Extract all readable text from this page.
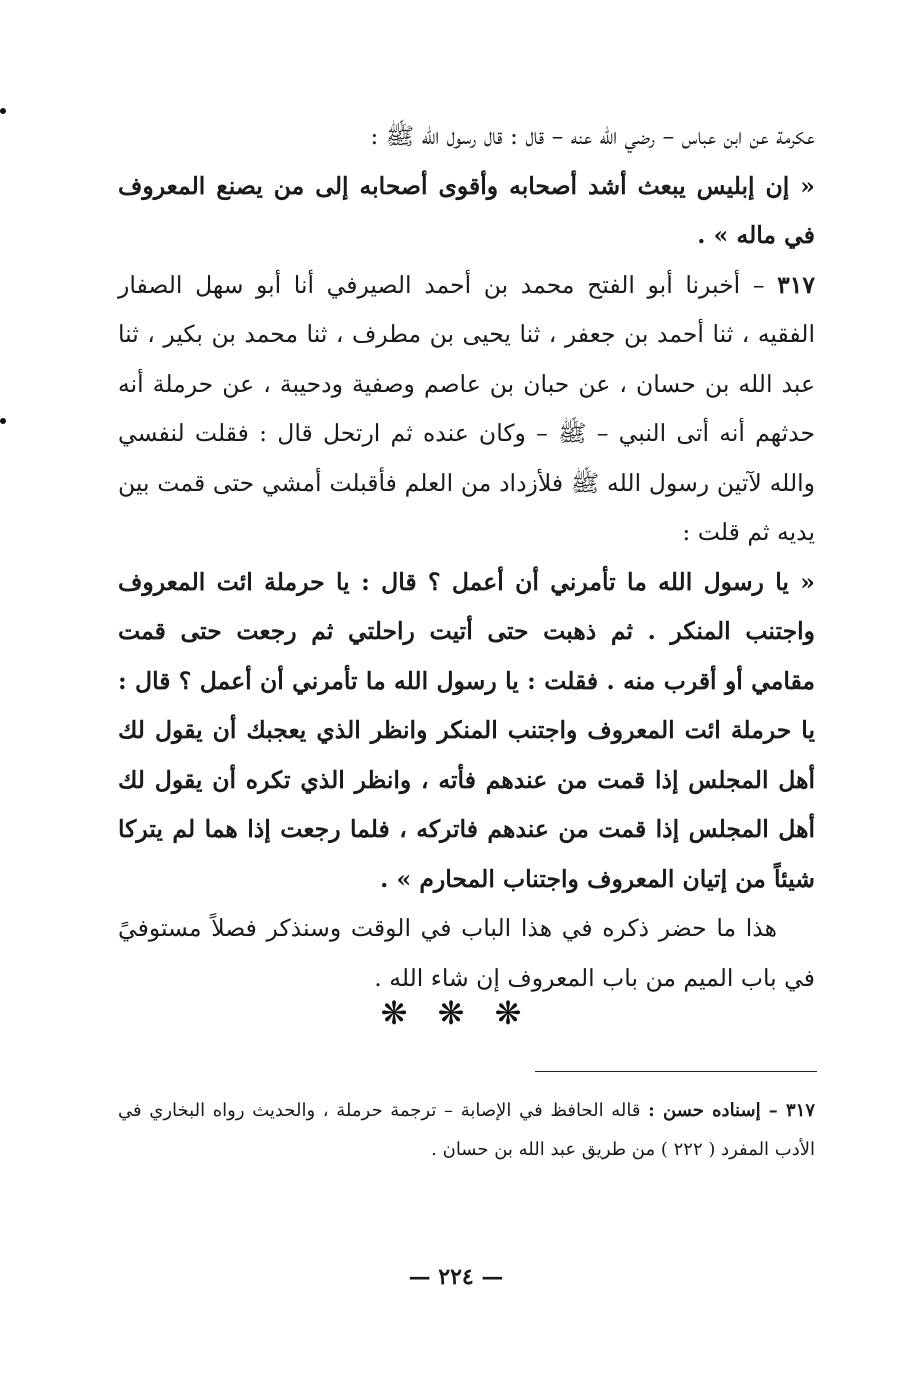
عكرمة عن ابن عباس – رضي الله عنه – قال : قال رسول الله ﷺ :

« إن إبليس يبعث أشد أصحابه وأقوى أصحابه إلى من يصنع المعروف في ماله » .

٣١٧ – أخبرنا أبو الفتح محمد بن أحمد الصيرفي أنا أبو سهل الصفار الفقيه ، ثنا أحمد بن جعفر ، ثنا يحيى بن مطرف ، ثنا محمد بن بكير ، ثنا عبد الله بن حسان ، عن حبان بن عاصم وصفية ودحيبة ، عن حرملة أنه حدثهم أنه أتى النبي – ﷺ – وكان عنده ثم ارتحل قال : فقلت لنفسي والله لآتين رسول الله ﷺ فلأزداد من العلم فأقبلت أمشي حتى قمت بين يديه ثم قلت :

« يا رسول الله ما تأمرني أن أعمل ؟ قال : يا حرملة ائت المعروف واجتنب المنكر . ثم ذهبت حتى أتيت راحلتي ثم رجعت حتى قمت مقامي أو أقرب منه . فقلت : يا رسول الله ما تأمرني أن أعمل ؟ قال : يا حرملة ائت المعروف واجتنب المنكر وانظر الذي يعجبك أن يقول لك أهل المجلس إذا قمت من عندهم فأته ، وانظر الذي تكره أن يقول لك أهل المجلس إذا قمت من عندهم فاتركه ، فلما رجعت إذا هما لم يتركا شيئاً من إتيان المعروف واجتناب المحارم » .

هذا ما حضر ذكره في هذا الباب في الوقت وسنذكر فصلاً مستوفيً في باب الميم من باب المعروف إن شاء الله .

❋ ❋ ❋
٣١٧ – إسناده حسن : قاله الحافظ في الإصابة – ترجمة حرملة ، والحديث رواه البخاري في الأدب المفرد ( ٢٢٢ ) من طريق عبد الله بن حسان .
— ٢٢٤ —
